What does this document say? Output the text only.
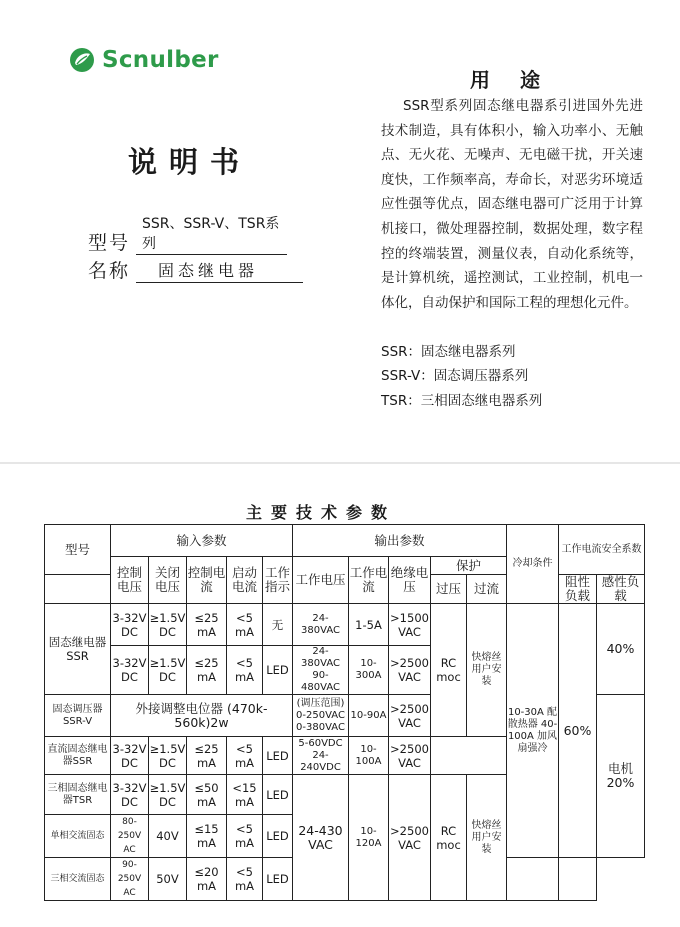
Scnulber
说明书
型号
SSR、SSR-V、TSR系列
名称	固态继电器
用途
SSR型系列固态继电器系引进国外先进技术制造，具有体积小，输入功率小、无触点、无火花、无噪声、无电磁干扰，开关速度快，工作频率高，寿命长，对恶劣环境适应性强等优点，固态继电器可广泛用于计算机接口，微处理器控制，数据处理，数字程控的终端装置，测量仪表，自动化系统等，是计算机统，遥控测试，工业控制，机电一体化，自动保护和国际工程的理想化元件。
SSR：固态继电器系列
SSR-V：固态调压器系列
TSR：三相固态继电器系列
主要技术参数
型号	输入参数					输出参数					冷却条件	工作电流安全系数	
	控制电压	关闭电压	控制电流	启动电流	工作指示	工作电压	工作电流	绝缘电压	保护				
									过压	过流		阻性负载	感性负载
固态继电器 SSR	3-32V DC	≥1.5V DC	≤25 mA	<5 mA	无	24-380VAC	1-5A	>1500 VAC	RC moc	快熔丝 用户安装	10-30A 配散热器 40-100A 加风扇强冷	60%	40%
	3-32V DC	≥1.5V DC	≤25 mA	<5 mA	LED	24-380VAC 90-480VAC	10-300A	>2500 VAC					
固态调压器 SSR-V	外接调整电位器 (470k-560k)2w					(调压范围) 0-250VAC 0-380VAC	10-90A	>2500 VAC					电机 20%
直流固态继电器SSR	3-32V DC	≥1.5V DC	≤25 mA	<5 mA	LED	5-60VDC 24-240VDC	10-100A	>2500 VAC					
三相固态继电器TSR	3-32V DC	≥1.5V DC	≤50 mA	<15 mA	LED	24-430 VAC	10-120A	>2500 VAC	RC moc	快熔丝 用户安装			
单相交流固态	80-250V AC	40V	≤15 mA	<5 mA	LED								
三相交流固态	90-250V AC	50V	≤20 mA	<5 mA	LED								
